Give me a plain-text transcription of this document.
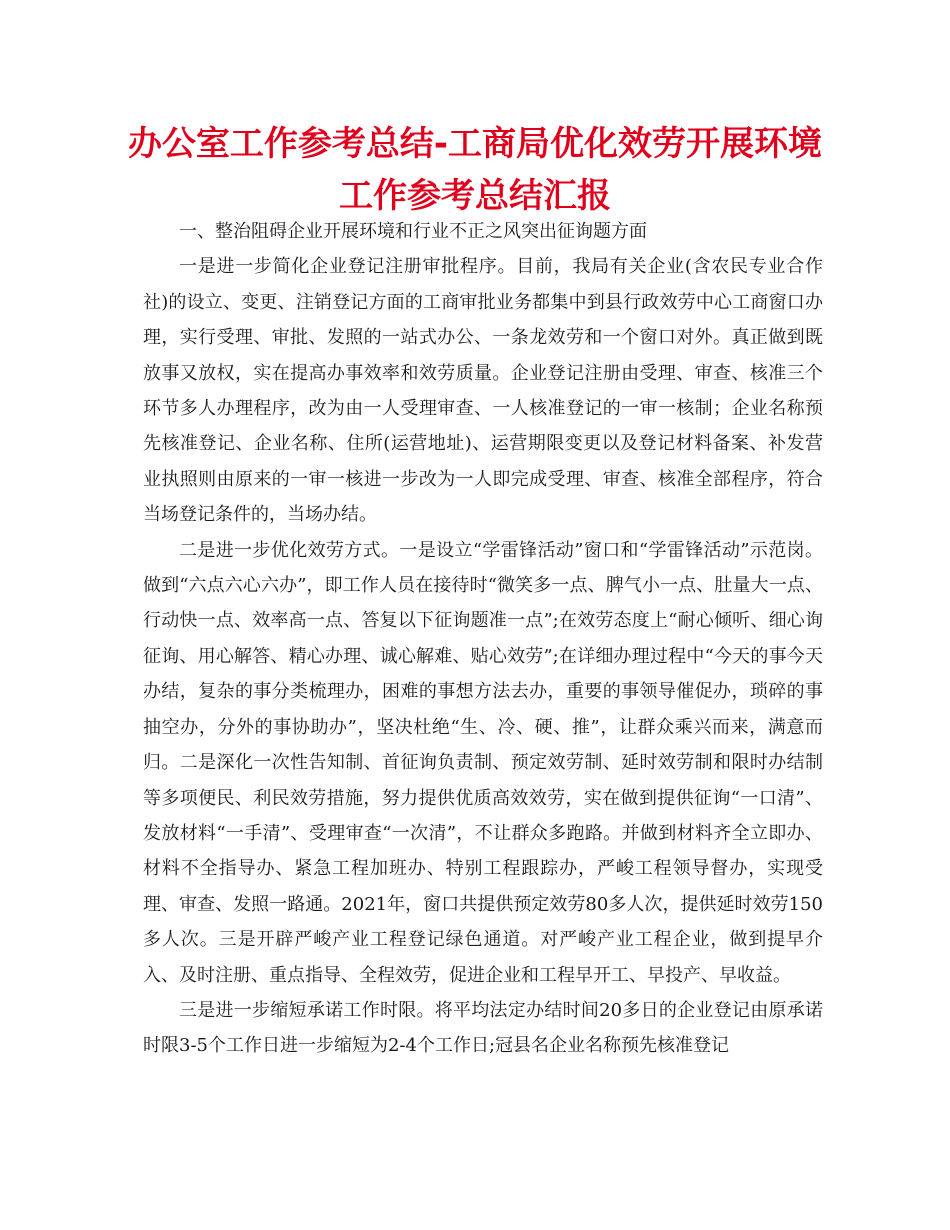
办公室工作参考总结-工商局优化效劳开展环境工作参考总结汇报

一、整治阻碍企业开展环境和行业不正之风突出征询题方面

一是进一步简化企业登记注册审批程序。目前，我局有关企业(含农民专业合作社)的设立、变更、注销登记方面的工商审批业务都集中到县行政效劳中心工商窗口办理，实行受理、审批、发照的一站式办公、一条龙效劳和一个窗口对外。真正做到既放事又放权，实在提高办事效率和效劳质量。企业登记注册由受理、审查、核准三个环节多人办理程序，改为由一人受理审查、一人核准登记的一审一核制；企业名称预先核准登记、企业名称、住所(运营地址)、运营期限变更以及登记材料备案、补发营业执照则由原来的一审一核进一步改为一人即完成受理、审查、核准全部程序，符合当场登记条件的，当场办结。

二是进一步优化效劳方式。一是设立“学雷锋活动”窗口和“学雷锋活动”示范岗。做到“六点六心六办”，即工作人员在接待时“微笑多一点、脾气小一点、肚量大一点、行动快一点、效率高一点、答复以下征询题准一点”;在效劳态度上“耐心倾听、细心询征询、用心解答、精心办理、诚心解难、贴心效劳”;在详细办理过程中“今天的事今天办结，复杂的事分类梳理办，困难的事想方法去办，重要的事领导催促办，琐碎的事抽空办，分外的事协助办”，坚决杜绝“生、冷、硬、推”，让群众乘兴而来，满意而归。二是深化一次性告知制、首征询负责制、预定效劳制、延时效劳制和限时办结制等多项便民、利民效劳措施，努力提供优质高效效劳，实在做到提供征询“一口清”、发放材料“一手清”、受理审查“一次清”，不让群众多跑路。并做到材料齐全立即办、材料不全指导办、紧急工程加班办、特别工程跟踪办，严峻工程领导督办，实现受理、审查、发照一路通。2021年，窗口共提供预定效劳80多人次，提供延时效劳150多人次。三是开辟严峻产业工程登记绿色通道。对严峻产业工程企业，做到提早介入、及时注册、重点指导、全程效劳，促进企业和工程早开工、早投产、早收益。

三是进一步缩短承诺工作时限。将平均法定办结时间20多日的企业登记由原承诺时限3-5个工作日进一步缩短为2-4个工作日;冠县名企业名称预先核准登记
